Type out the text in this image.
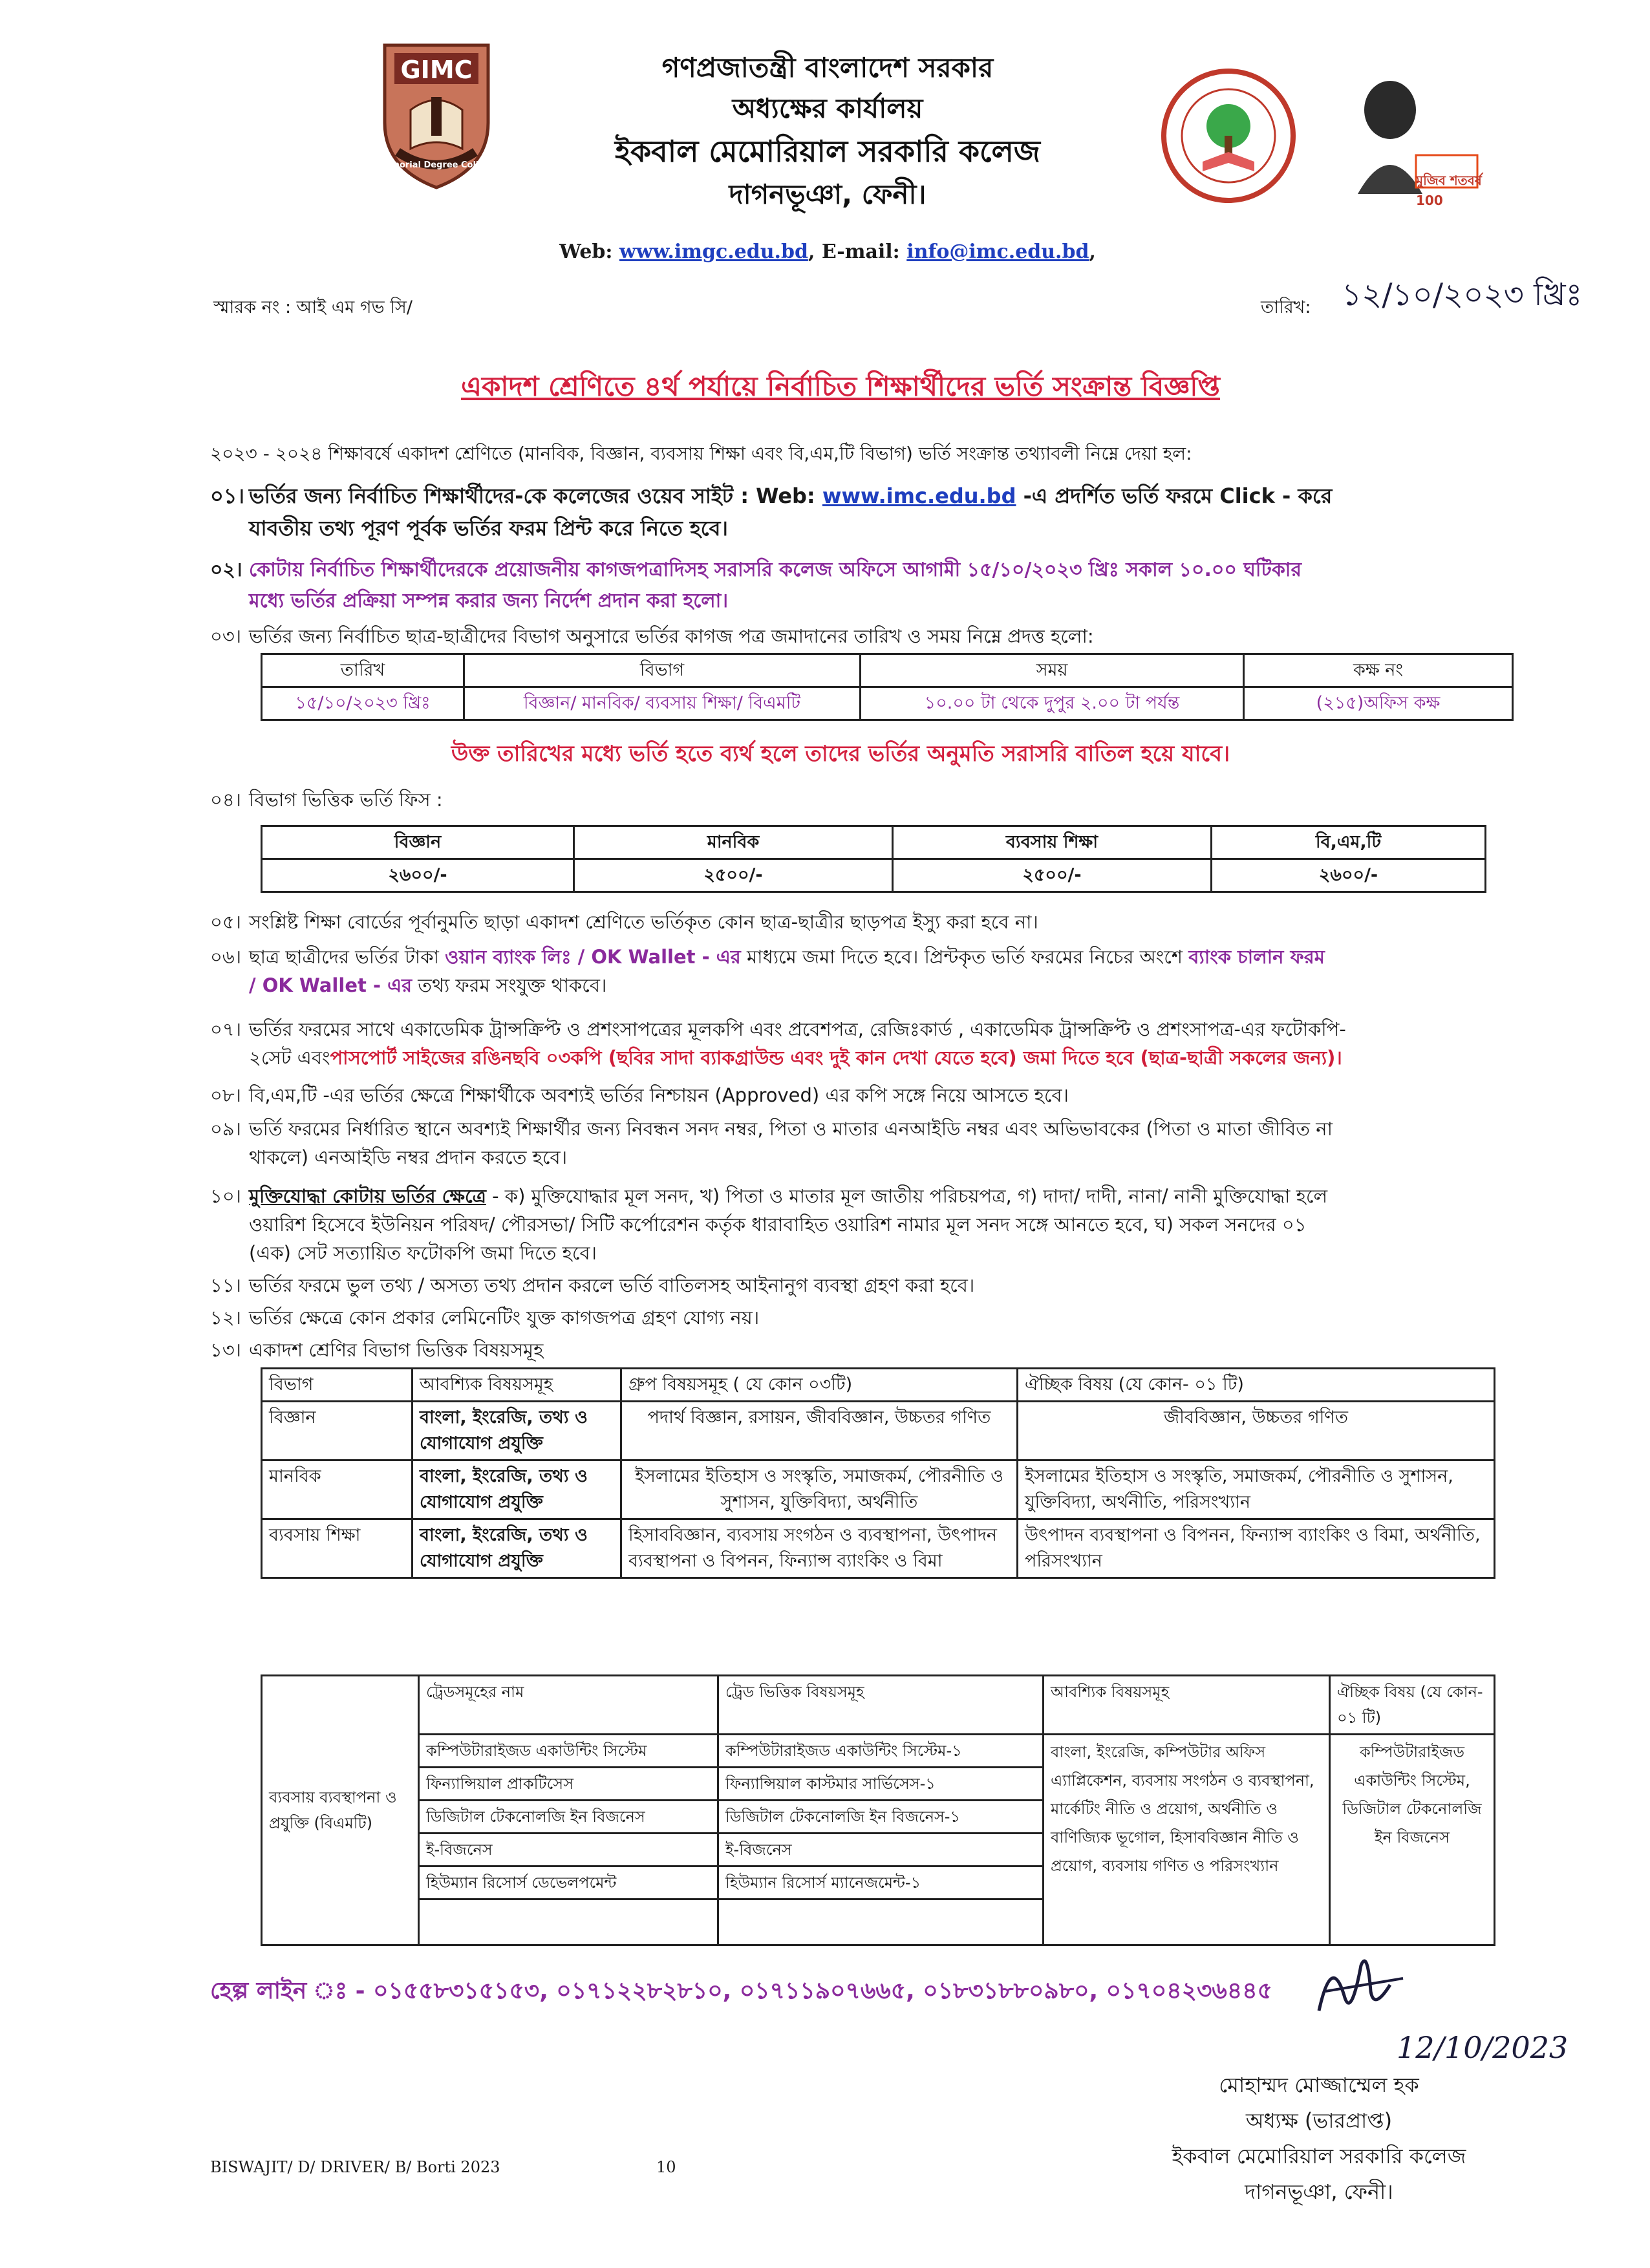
GIMC
Memorial Degree College
গণপ্রজাতন্ত্রী বাংলাদেশ সরকার
অধ্যক্ষের কার্যালয়
ইকবাল মেমোরিয়াল সরকারি কলেজ
দাগনভূঞা, ফেনী।	মুজিব শতবর্ষ 100
Web: www.imgc.edu.bd, E-mail: info@imc.edu.bd,
স্মারক নং : আই এম গভ সি/	তারিখ: ১২/১০/২০২৩ খ্রিঃ
একাদশ শ্রেণিতে ৪র্থ পর্যায়ে নির্বাচিত শিক্ষার্থীদের ভর্তি সংক্রান্ত বিজ্ঞপ্তি
২০২৩ - ২০২৪ শিক্ষাবর্ষে একাদশ শ্রেণিতে (মানবিক, বিজ্ঞান, ব্যবসায় শিক্ষা এবং বি,এম,টি বিভাগ) ভর্তি সংক্রান্ত তথ্যাবলী নিম্নে দেয়া হল:
০১। ভর্তির জন্য নির্বাচিত শিক্ষার্থীদের-কে কলেজের ওয়েব সাইট : Web: www.imc.edu.bd -এ প্রদর্শিত ভর্তি ফরমে Click - করে
যাবতীয় তথ্য পূরণ পূর্বক ভর্তির ফরম প্রিন্ট করে নিতে হবে।
০২। কোটায় নির্বাচিত শিক্ষার্থীদেরকে প্রয়োজনীয় কাগজপত্রাদিসহ সরাসরি কলেজ অফিসে আগামী ১৫/১০/২০২৩ খ্রিঃ সকাল ১০.০০ ঘটিকার
মধ্যে ভর্তির প্রক্রিয়া সম্পন্ন করার জন্য নির্দেশ প্রদান করা হলো।
০৩। ভর্তির জন্য নির্বাচিত ছাত্র-ছাত্রীদের বিভাগ অনুসারে ভর্তির কাগজ পত্র জমাদানের তারিখ ও সময় নিম্নে প্রদত্ত হলো:
তারিখ	বিভাগ	সময়	কক্ষ নং
১৫/১০/২০২৩ খ্রিঃ	বিজ্ঞান/ মানবিক/ ব্যবসায় শিক্ষা/ বিএমটি	১০.০০ টা থেকে দুপুর ২.০০ টা পর্যন্ত	(২১৫)অফিস কক্ষ
উক্ত তারিখের মধ্যে ভর্তি হতে ব্যর্থ হলে তাদের ভর্তির অনুমতি সরাসরি বাতিল হয়ে যাবে।
০৪। বিভাগ ভিত্তিক ভর্তি ফিস :
বিজ্ঞান	মানবিক	ব্যবসায় শিক্ষা	বি,এম,টি
২৬০০/-	২৫০০/-	২৫০০/-	২৬০০/-
০৫। সংশ্লিষ্ট শিক্ষা বোর্ডের পূর্বানুমতি ছাড়া একাদশ শ্রেণিতে ভর্তিকৃত কোন ছাত্র-ছাত্রীর ছাড়পত্র ইস্যু করা হবে না।
০৬। ছাত্র ছাত্রীদের ভর্তির টাকা ওয়ান ব্যাংক লিঃ / OK Wallet - এর মাধ্যমে জমা দিতে হবে। প্রিন্টকৃত ভর্তি ফরমের নিচের অংশে ব্যাংক চালান ফরম
/ OK Wallet - এর তথ্য ফরম সংযুক্ত থাকবে।
০৭। ভর্তির ফরমের সাথে একাডেমিক ট্রান্সক্রিপ্ট ও প্রশংসাপত্রের মূলকপি এবং প্রবেশপত্র, রেজিঃকার্ড , একাডেমিক ট্রান্সক্রিপ্ট ও প্রশংসাপত্র-এর ফটোকপি-
২সেট এবংপাসপোর্ট সাইজের রঙিনছবি ০৩কপি (ছবির সাদা ব্যাকগ্রাউন্ড এবং দুই কান দেখা যেতে হবে) জমা দিতে হবে (ছাত্র-ছাত্রী সকলের জন্য)।
০৮। বি,এম,টি -এর ভর্তির ক্ষেত্রে শিক্ষার্থীকে অবশ্যই ভর্তির নিশ্চায়ন (Approved) এর কপি সঙ্গে নিয়ে আসতে হবে।
০৯। ভর্তি ফরমের নির্ধারিত স্থানে অবশ্যই শিক্ষার্থীর জন্য নিবন্ধন সনদ নম্বর, পিতা ও মাতার এনআইডি নম্বর এবং অভিভাবকের (পিতা ও মাতা জীবিত না
থাকলে) এনআইডি নম্বর প্রদান করতে হবে।
১০। মুক্তিযোদ্ধা কোটায় ভর্তির ক্ষেত্রে - ক) মুক্তিযোদ্ধার মূল সনদ, খ) পিতা ও মাতার মূল জাতীয় পরিচয়পত্র, গ) দাদা/ দাদী, নানা/ নানী মুক্তিযোদ্ধা হলে
ওয়ারিশ হিসেবে ইউনিয়ন পরিষদ/ পৌরসভা/ সিটি কর্পোরেশন কর্তৃক ধারাবাহিত ওয়ারিশ নামার মূল সনদ সঙ্গে আনতে হবে, ঘ) সকল সনদের ০১
(এক) সেট সত্যায়িত ফটোকপি জমা দিতে হবে।
১১। ভর্তির ফরমে ভুল তথ্য / অসত্য তথ্য প্রদান করলে ভর্তি বাতিলসহ আইনানুগ ব্যবস্থা গ্রহণ করা হবে।
১২। ভর্তির ক্ষেত্রে কোন প্রকার লেমিনেটিং যুক্ত কাগজপত্র গ্রহণ যোগ্য নয়।
১৩। একাদশ শ্রেণির বিভাগ ভিত্তিক বিষয়সমূহ
বিভাগ	আবশ্যিক বিষয়সমূহ	গ্রুপ বিষয়সমূহ ( যে কোন ০৩টি)	ঐচ্ছিক বিষয় (যে কোন- ০১ টি)
বিজ্ঞান	বাংলা, ইংরেজি, তথ্য ও যোগাযোগ প্রযুক্তি	পদার্থ বিজ্ঞান, রসায়ন, জীববিজ্ঞান, উচ্চতর গণিত	জীববিজ্ঞান, উচ্চতর গণিত
মানবিক	বাংলা, ইংরেজি, তথ্য ও যোগাযোগ প্রযুক্তি	ইসলামের ইতিহাস ও সংস্কৃতি, সমাজকর্ম, পৌরনীতি ও সুশাসন, যুক্তিবিদ্যা, অর্থনীতি	ইসলামের ইতিহাস ও সংস্কৃতি, সমাজকর্ম, পৌরনীতি ও সুশাসন, যুক্তিবিদ্যা, অর্থনীতি, পরিসংখ্যান
ব্যবসায় শিক্ষা	বাংলা, ইংরেজি, তথ্য ও যোগাযোগ প্রযুক্তি	হিসাববিজ্ঞান, ব্যবসায় সংগঠন ও ব্যবস্থাপনা, উৎপাদন ব্যবস্থাপনা ও বিপনন, ফিন্যান্স ব্যাংকিং ও বিমা	উৎপাদন ব্যবস্থাপনা ও বিপনন, ফিন্যান্স ব্যাংকিং ও বিমা, অর্থনীতি, পরিসংখ্যান
ব্যবসায় ব্যবস্থাপনা ও প্রযুক্তি (বিএমটি)	ট্রেডসমূহের নাম	ট্রেড ভিত্তিক বিষয়সমূহ	আবশ্যিক বিষয়সমূহ	ঐচ্ছিক বিষয় (যে কোন- ০১ টি)
	কম্পিউটারাইজড একাউন্টিং সিস্টেম	কম্পিউটারাইজড একাউন্টিং সিস্টেম-১	বাংলা, ইংরেজি, কম্পিউটার অফিস এ্যাপ্লিকেশন, ব্যবসায় সংগঠন ও ব্যবস্থাপনা, মার্কেটিং নীতি ও প্রয়োগ, অর্থনীতি ও বাণিজ্যিক ভূগোল, হিসাববিজ্ঞান নীতি ও প্রয়োগ, ব্যবসায় গণিত ও পরিসংখ্যান	কম্পিউটারাইজড একাউন্টিং সিস্টেম, ডিজিটাল টেকনোলজি ইন বিজনেস
	ফিন্যান্সিয়াল প্রাকটিসেস	ফিন্যান্সিয়াল কাস্টমার সার্ভিসেস-১		
	ডিজিটাল টেকনোলজি ইন বিজনেস	ডিজিটাল টেকনোলজি ইন বিজনেস-১		
	ই-বিজনেস	ই-বিজনেস		
	হিউম্যান রিসোর্স ডেভেলপমেন্ট	হিউম্যান রিসোর্স ম্যানেজমেন্ট-১		

হেল্প লাইন ঃ - ০১৫৫৮৩১৫১৫৩, ০১৭১২২৮২৮১০, ০১৭১১৯০৭৬৬৫, ০১৮৩১৮৮০৯৮০, ০১৭০৪২৩৬৪৪৫
12/10/2023
মোহাম্মদ মোজ্জাম্মেল হক
অধ্যক্ষ (ভারপ্রাপ্ত)
ইকবাল মেমোরিয়াল সরকারি কলেজ
দাগনভূঞা, ফেনী।
BISWAJIT/ D/ DRIVER/ B/ Borti 2023	10
